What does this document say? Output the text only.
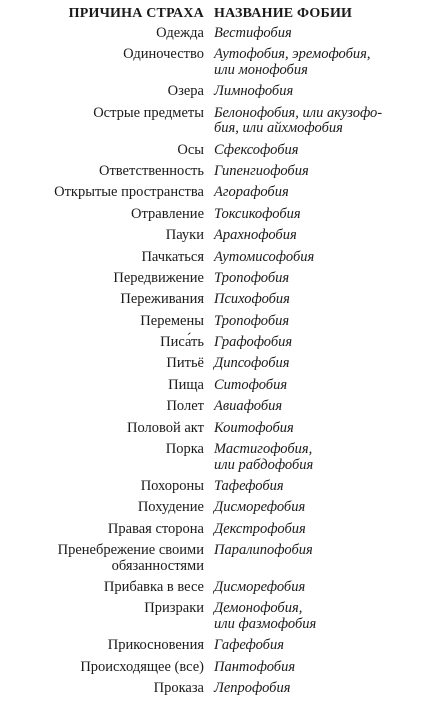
ПРИЧИНА СТРАХА НАЗВАНИЕ ФОБИИ
Одежда Вестифобия
Одиночество Аутофобия, эремофобия,
или монофобия
Озера Лимнофобия
Острые предметы Белонофобия, или акузофо-
бия, или айхмофобия
Осы Сфексофобия
Ответственность Гипенгиофобия
Открытые пространства Агорафобия
Отравление Токсикофобия
Пауки Арахнофобия
Пачкаться Аутомисофобия
Передвижение Тропофобия
Переживания Психофобия
Перемены Тропофобия
Писа́ть Графофобия
Питьё Дипсофобия
Пища Ситофобия
Полет Авиафобия
Половой акт Коитофобия
Порка Мастигофобия,
или рабдофобия
Похороны Тафефобия
Похудение Дисморефобия
Правая сторона Декстрофобия
Пренебрежение своими
обязанностями
Паралипофобия
Прибавка в весе Дисморефобия
Призраки Демонофобия,
или фазмофобия
Прикосновения Гафефобия
Происходящее (все) Пантофобия
Проказа Лепрофобия
